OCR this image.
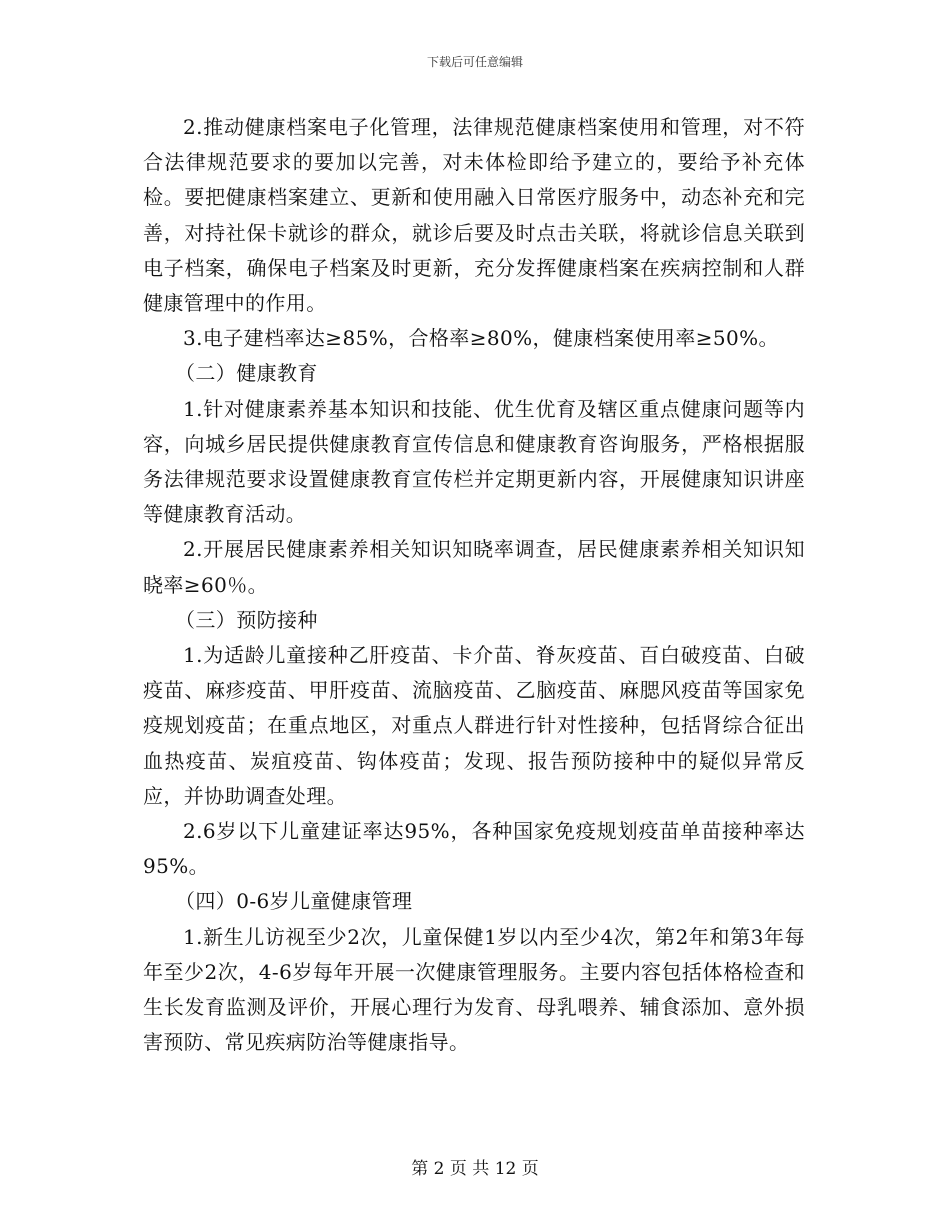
下载后可任意编辑

2.推动健康档案电子化管理，法律规范健康档案使用和管理，对不符合法律规范要求的要加以完善，对未体检即给予建立的，要给予补充体检。要把健康档案建立、更新和使用融入日常医疗服务中，动态补充和完善，对持社保卡就诊的群众，就诊后要及时点击关联，将就诊信息关联到电子档案，确保电子档案及时更新，充分发挥健康档案在疾病控制和人群健康管理中的作用。

3.电子建档率达≥85%，合格率≥80%，健康档案使用率≥50%。

（二）健康教育

1.针对健康素养基本知识和技能、优生优育及辖区重点健康问题等内容，向城乡居民提供健康教育宣传信息和健康教育咨询服务，严格根据服务法律规范要求设置健康教育宣传栏并定期更新内容，开展健康知识讲座等健康教育活动。

2.开展居民健康素养相关知识知晓率调查，居民健康素养相关知识知晓率≥60％。

（三）预防接种

1.为适龄儿童接种乙肝疫苗、卡介苗、脊灰疫苗、百白破疫苗、白破疫苗、麻疹疫苗、甲肝疫苗、流脑疫苗、乙脑疫苗、麻腮风疫苗等国家免疫规划疫苗；在重点地区，对重点人群进行针对性接种，包括肾综合征出血热疫苗、炭疽疫苗、钩体疫苗；发现、报告预防接种中的疑似异常反应，并协助调查处理。

2.6岁以下儿童建证率达95%，各种国家免疫规划疫苗单苗接种率达95%。

（四）0-6岁儿童健康管理

1.新生儿访视至少2次，儿童保健1岁以内至少4次，第2年和第3年每年至少2次，4-6岁每年开展一次健康管理服务。主要内容包括体格检查和生长发育监测及评价，开展心理行为发育、母乳喂养、辅食添加、意外损害预防、常见疾病防治等健康指导。

第 2 页 共 12 页
